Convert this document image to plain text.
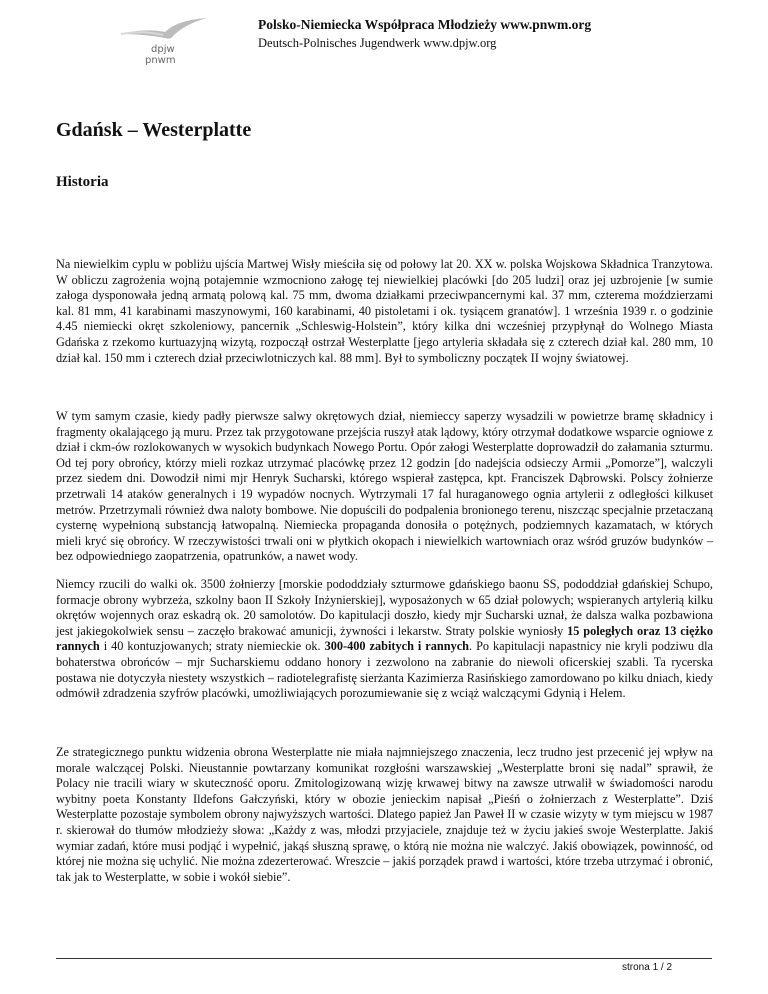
dpjw
pnwm
Polsko-Niemiecka Współpraca Młodzieży www.pnwm.org
Deutsch-Polnisches Jugendwerk www.dpjw.org
Gdańsk – Westerplatte
Historia

Na niewielkim cyplu w pobliżu ujścia Martwej Wisły mieściła się od połowy lat 20. XX w. polska Wojskowa Składnica Tranzytowa. W obliczu zagrożenia wojną potajemnie wzmocniono załogę tej niewielkiej placówki [do 205 ludzi] oraz jej uzbrojenie [w sumie załoga dysponowała jedną armatą polową kal. 75 mm, dwoma działkami przeciwpancernymi kal. 37 mm, czterema moździerzami kal. 81 mm, 41 karabinami maszynowymi, 160 karabinami, 40 pistoletami i ok. tysiącem granatów]. 1 września 1939 r. o godzinie 4.45 niemiecki okręt szkoleniowy, pancernik „Schleswig-Holstein”, który kilka dni wcześniej przypłynął do Wolnego Miasta Gdańska z rzekomo kurtuazyjną wizytą, rozpoczął ostrzał Westerplatte [jego artyleria składała się z czterech dział kal. 280 mm, 10 dział kal. 150 mm i czterech dział przeciwlotniczych kal. 88 mm]. Był to symboliczny początek II wojny światowej.

W tym samym czasie, kiedy padły pierwsze salwy okrętowych dział, niemieccy saperzy wysadzili w powietrze bramę składnicy i fragmenty okalającego ją muru. Przez tak przygotowane przejścia ruszył atak lądowy, który otrzymał dodatkowe wsparcie ogniowe z dział i ckm-ów rozlokowanych w wysokich budynkach Nowego Portu. Opór załogi Westerplatte doprowadził do załamania szturmu. Od tej pory obrońcy, którzy mieli rozkaz utrzymać placówkę przez 12 godzin [do nadejścia odsieczy Armii „Pomorze”], walczyli przez siedem dni. Dowodził nimi mjr Henryk Sucharski, którego wspierał zastępca, kpt. Franciszek Dąbrowski. Polscy żołnierze przetrwali 14 ataków generalnych i 19 wypadów nocnych. Wytrzymali 17 fal huraganowego ognia artylerii z odległości kilkuset metrów. Przetrzymali również dwa naloty bombowe. Nie dopuścili do podpalenia bronionego terenu, niszcząc specjalnie przetaczaną cysternę wypełnioną substancją łatwopalną. Niemiecka propaganda donosiła o potężnych, podziemnych kazamatach, w których mieli kryć się obrońcy. W rzeczywistości trwali oni w płytkich okopach i niewielkich wartowniach oraz wśród gruzów budynków – bez odpowiedniego zaopatrzenia, opatrunków, a nawet wody.

Niemcy rzucili do walki ok. 3500 żołnierzy [morskie pododdziały szturmowe gdańskiego baonu SS, pododdział gdańskiej Schupo, formacje obrony wybrzeża, szkolny baon II Szkoły Inżynierskiej], wyposażonych w 65 dział polowych; wspieranych artylerią kilku okrętów wojennych oraz eskadrą ok. 20 samolotów. Do kapitulacji doszło, kiedy mjr Sucharski uznał, że dalsza walka pozbawiona jest jakiegokolwiek sensu – zaczęło brakować amunicji, żywności i lekarstw. Straty polskie wyniosły 15 poległych oraz 13 ciężko rannych i 40 kontuzjowanych; straty niemieckie ok. 300-400 zabitych i rannych. Po kapitulacji napastnicy nie kryli podziwu dla bohaterstwa obrońców – mjr Sucharskiemu oddano honory i zezwolono na zabranie do niewoli oficerskiej szabli. Ta rycerska postawa nie dotyczyła niestety wszystkich – radiotelegrafistę sierżanta Kazimierza Rasińskiego zamordowano po kilku dniach, kiedy odmówił zdradzenia szyfrów placówki, umożliwiających porozumiewanie się z wciąż walczącymi Gdynią i Helem.

Ze strategicznego punktu widzenia obrona Westerplatte nie miała najmniejszego znaczenia, lecz trudno jest przecenić jej wpływ na morale walczącej Polski. Nieustannie powtarzany komunikat rozgłośni warszawskiej „Westerplatte broni się nadal” sprawił, że Polacy nie tracili wiary w skuteczność oporu. Zmitologizowaną wizję krwawej bitwy na zawsze utrwalił w świadomości narodu wybitny poeta Konstanty Ildefons Gałczyński, który w obozie jenieckim napisał „Pieśń o żołnierzach z Westerplatte”. Dziś Westerplatte pozostaje symbolem obrony najwyższych wartości. Dlatego papież Jan Paweł II w czasie wizyty w tym miejscu w 1987 r. skierował do tłumów młodzieży słowa: „Każdy z was, młodzi przyjaciele, znajduje też w życiu jakieś swoje Westerplatte. Jakiś wymiar zadań, które musi podjąć i wypełnić, jakąś słuszną sprawę, o którą nie można nie walczyć. Jakiś obowiązek, powinność, od której nie można się uchylić. Nie można zdezerterować. Wreszcie – jakiś porządek prawd i wartości, które trzeba utrzymać i obronić, tak jak to Westerplatte, w sobie i wokół siebie”.

strona 1 / 2
